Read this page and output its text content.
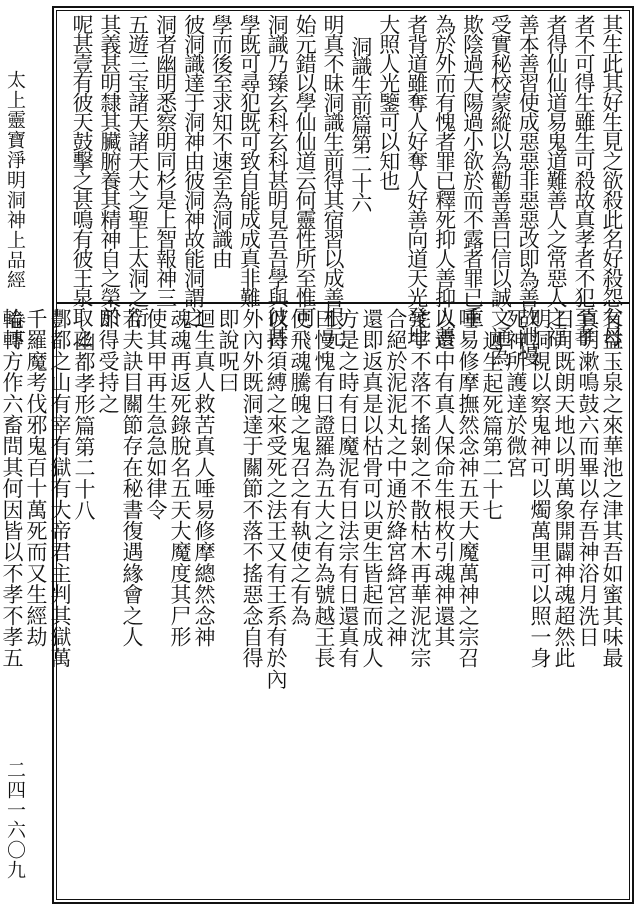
太上靈寶淨明洞神上品經　卷下
二四一六〇九
其生此其好生見之欲殺此名好殺怨父母
者不可得生雖生可殺故真孝者不犯至孝
者得仙仙道易鬼道難善人之常惡人之福
善本善習使成惡惡非惡惡改即為善故泄慢
受實秘校蒙縱以為勸善善曰信以誠文通為
欺陰過大陽過小欲於而不露者罪已重
為於外而有愧者罪已釋死抑人善抑人善
者背道雖奪人好奪人好善向道天光發地
大照人光鑒可以知也
洞識生前篇第二十六
明真不昧洞識生前得其宿習以成善根元
始元錯以學仙仙道云何靈性所至惟可
洞識乃臻玄科玄科甚明見吾吾學與彼甚
學既可尋犯既可致自能成成真非難
學而後至求知不速至為洞識由
彼洞識達于洞神由彼洞神故能洞謂之
洞者幽明悉察明同杉是上智報神三
五遊三宝諸天諸天大之聖上太洞之衍
其義甚明隸其臟腑養其精神自之榮於
呢甚壹有彼天鼓擊之甚鳴有彼王泉取之
有益玉泉之來華池之津其吾如蜜其味最
真明漱鳴鼓六而畢以存吾神浴月洗日
日月既朗天地以明萬象開闢神魂超然此
明洞視以察鬼神可以燭萬里可以照一身
死神所護達於微宮
迴生起死篇第二十七
唾易修摩撫然念神五天大魔萬神之宗召
以還中有真人保命生根枚引魂神還其
宅宇不落不搖剝之不散枯木再華泥沈宗
合絕於泥泥丸之中通於絳宮絳宮之神
還即返真是以枯骨可以更生皆起而成人
方是之時有日魔泥有日法宗有日還真有
曰慢愧有日證羅為五大之有為號越王長
使飛魂騰魄之鬼召之有執使之有為
以持須縛之來受死之法王又有王系有於內
外內外既洞達于關節不落不搖惡念自得
即說呪曰
迴生真人救苦真人唾易修摩總然念神
魂魂再返死錄脫名五天大魔度其尸形
使其甲再生急急如律令
若夫訣目關節存在秘書復遇緣會之人
即得受持之
幽都孝形篇第二十八
酆都之山有宰有獄有大帝君主判其獄萬
千羅魔考伐邪鬼百十萬死而又生經劫
輪轉方作六畜問其何因皆以不孝不孝五
